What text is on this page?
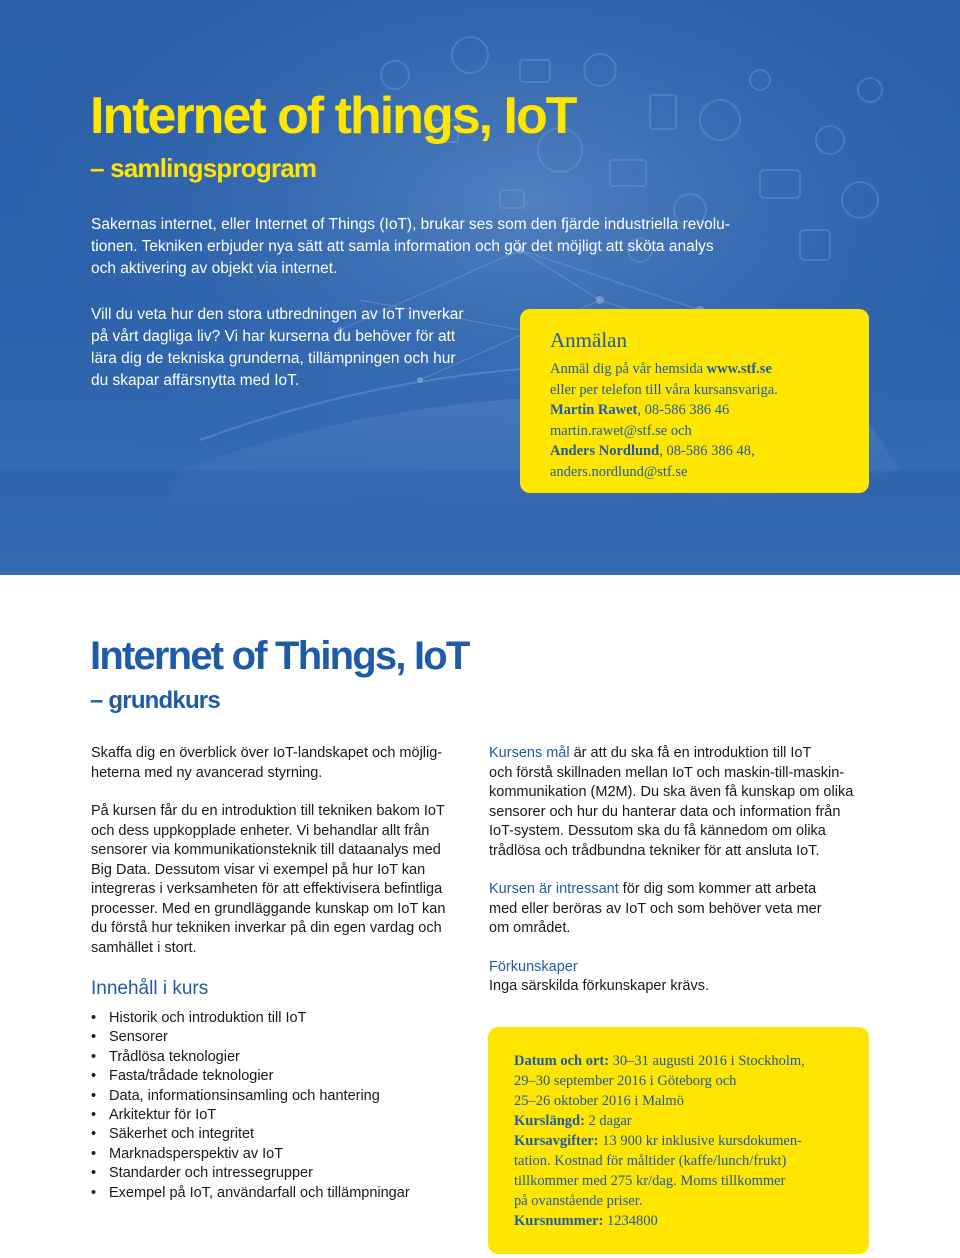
Internet of things, IoT
– samlingsprogram
Sakernas internet, eller Internet of Things (IoT), brukar ses som den fjärde industriella revolu-
tionen. Tekniken erbjuder nya sätt att samla information och gör det möjligt att sköta analys
och aktivering av objekt via internet.
Vill du veta hur den stora utbredningen av IoT inverkar
på vårt dagliga liv? Vi har kurserna du behöver för att
lära dig de tekniska grunderna, tillämpningen och hur
du skapar affärsnytta med IoT.
Anmälan
Anmäl dig på vår hemsida www.stf.se
eller per telefon till våra kursansvariga.
Martin Rawet, 08-586 386 46
martin.rawet@stf.se och
Anders Nordlund, 08-586 386 48,
anders.nordlund@stf.se
Internet of Things, IoT
– grundkurs
Skaffa dig en överblick över IoT-landskapet och möjlig-
heterna med ny avancerad styrning.
På kursen får du en introduktion till tekniken bakom IoT
och dess uppkopplade enheter. Vi behandlar allt från
sensorer via kommunikationsteknik till dataanalys med
Big Data. Dessutom visar vi exempel på hur IoT kan
integreras i verksamheten för att effektivisera befintliga
processer. Med en grundläggande kunskap om IoT kan
du förstå hur tekniken inverkar på din egen vardag och
samhället i stort.
Innehåll i kurs
• Historik och introduktion till IoT
• Sensorer
• Trådlösa teknologier
• Fasta/trådade teknologier
• Data, informationsinsamling och hantering
• Arkitektur för IoT
• Säkerhet och integritet
• Marknadsperspektiv av IoT
• Standarder och intressegrupper
• Exempel på IoT, användarfall och tillämpningar
Kursens mål är att du ska få en introduktion till IoT
och förstå skillnaden mellan IoT och maskin-till-maskin-
kommunikation (M2M). Du ska även få kunskap om olika
sensorer och hur du hanterar data och information från
IoT-system. Dessutom ska du få kännedom om olika
trådlösa och trådbundna tekniker för att ansluta IoT.
Kursen är intressant för dig som kommer att arbeta
med eller beröras av IoT och som behöver veta mer
om området.
Förkunskaper
Inga särskilda förkunskaper krävs.
Datum och ort: 30–31 augusti 2016 i Stockholm,
29–30 september 2016 i Göteborg och
25–26 oktober 2016 i Malmö
Kurslängd: 2 dagar
Kursavgifter: 13 900 kr inklusive kursdokumen-
tation. Kostnad för måltider (kaffe/lunch/frukt)
tillkommer med 275 kr/dag. Moms tillkommer
på ovanstående priser.
Kursnummer: 1234800
